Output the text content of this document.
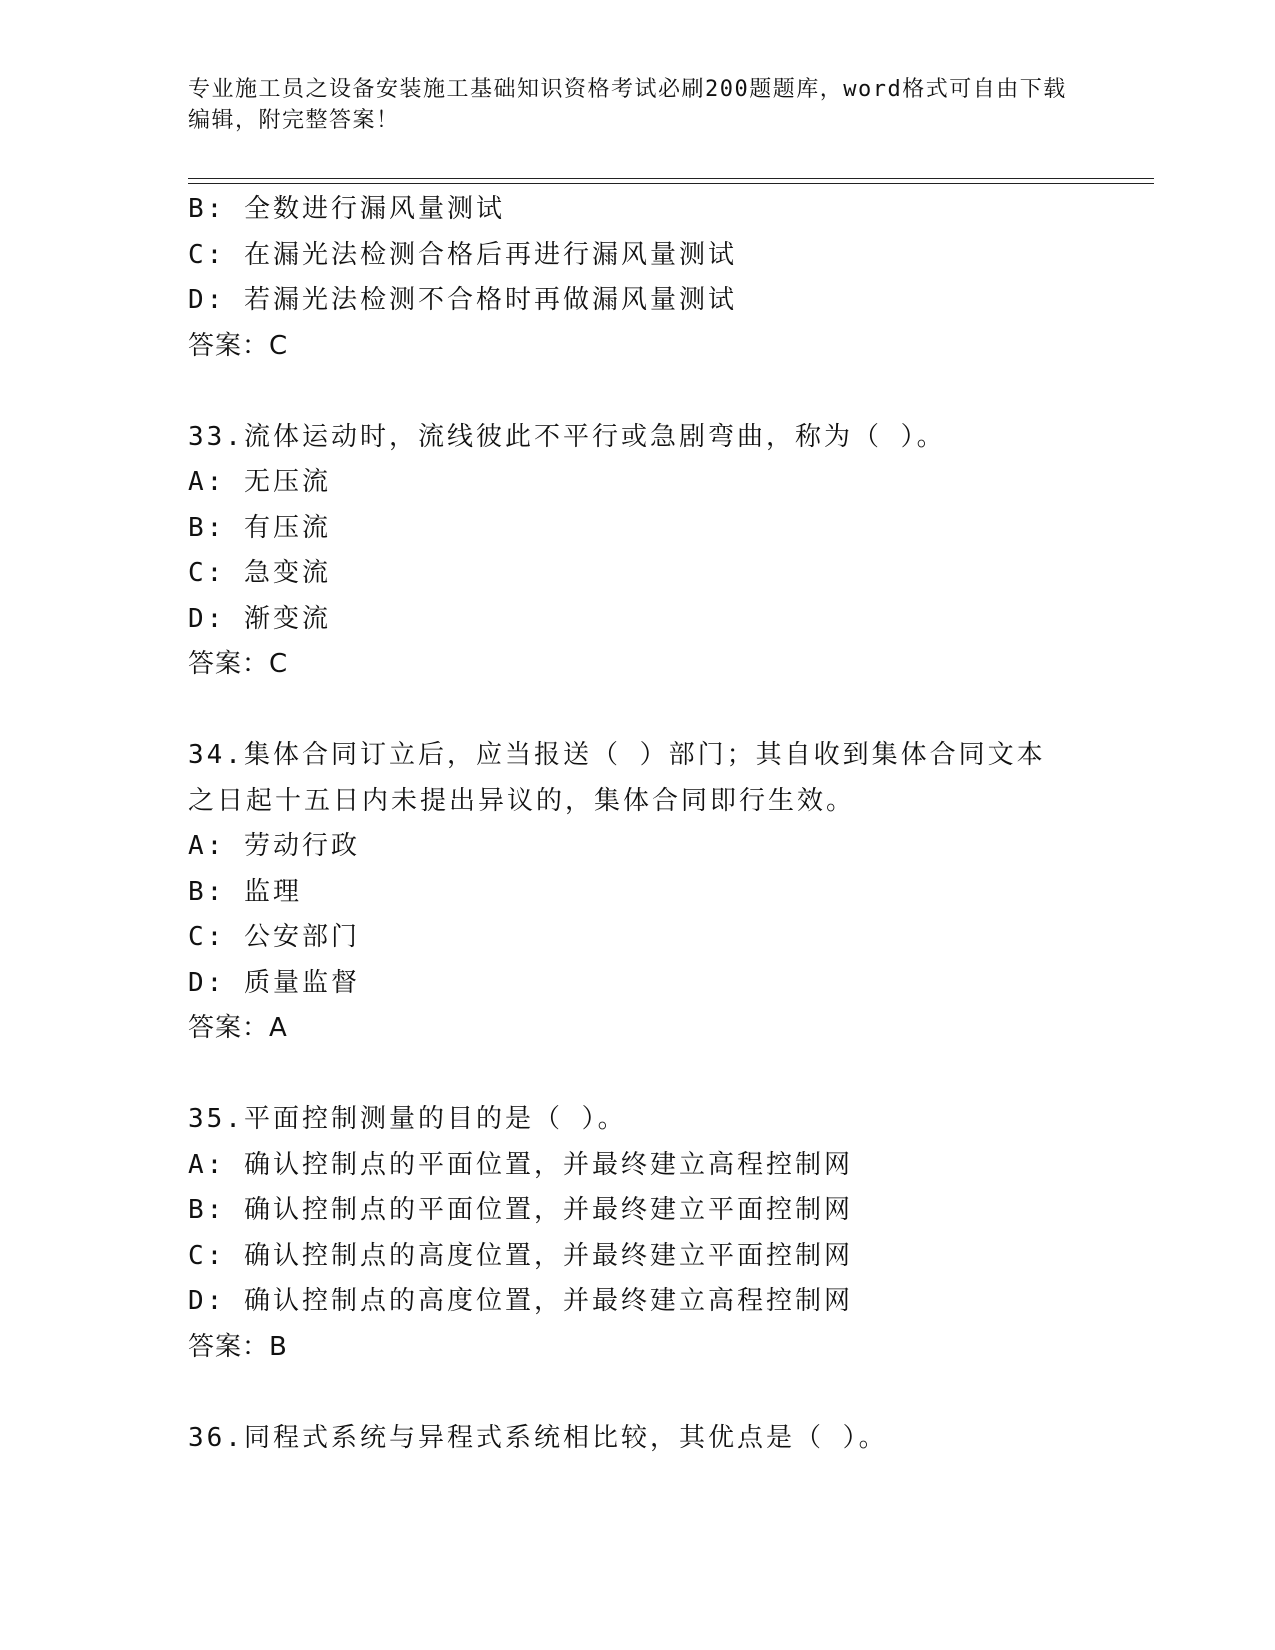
专业施工员之设备安装施工基础知识资格考试必刷200题题库，word格式可自由下载编辑，附完整答案！
B: 全数进行漏风量测试
C: 在漏光法检测合格后再进行漏风量测试
D: 若漏光法检测不合格时再做漏风量测试
答案：C
33.流体运动时，流线彼此不平行或急剧弯曲，称为（ ）。
A: 无压流
B: 有压流
C: 急变流
D: 渐变流
答案：C
34.集体合同订立后，应当报送（ ）部门；其自收到集体合同文本之日起十五日内未提出异议的，集体合同即行生效。
A: 劳动行政
B: 监理
C: 公安部门
D: 质量监督
答案：A
35.平面控制测量的目的是（ ）。
A: 确认控制点的平面位置，并最终建立高程控制网
B: 确认控制点的平面位置，并最终建立平面控制网
C: 确认控制点的高度位置，并最终建立平面控制网
D: 确认控制点的高度位置，并最终建立高程控制网
答案：B
36.同程式系统与异程式系统相比较，其优点是（ ）。
